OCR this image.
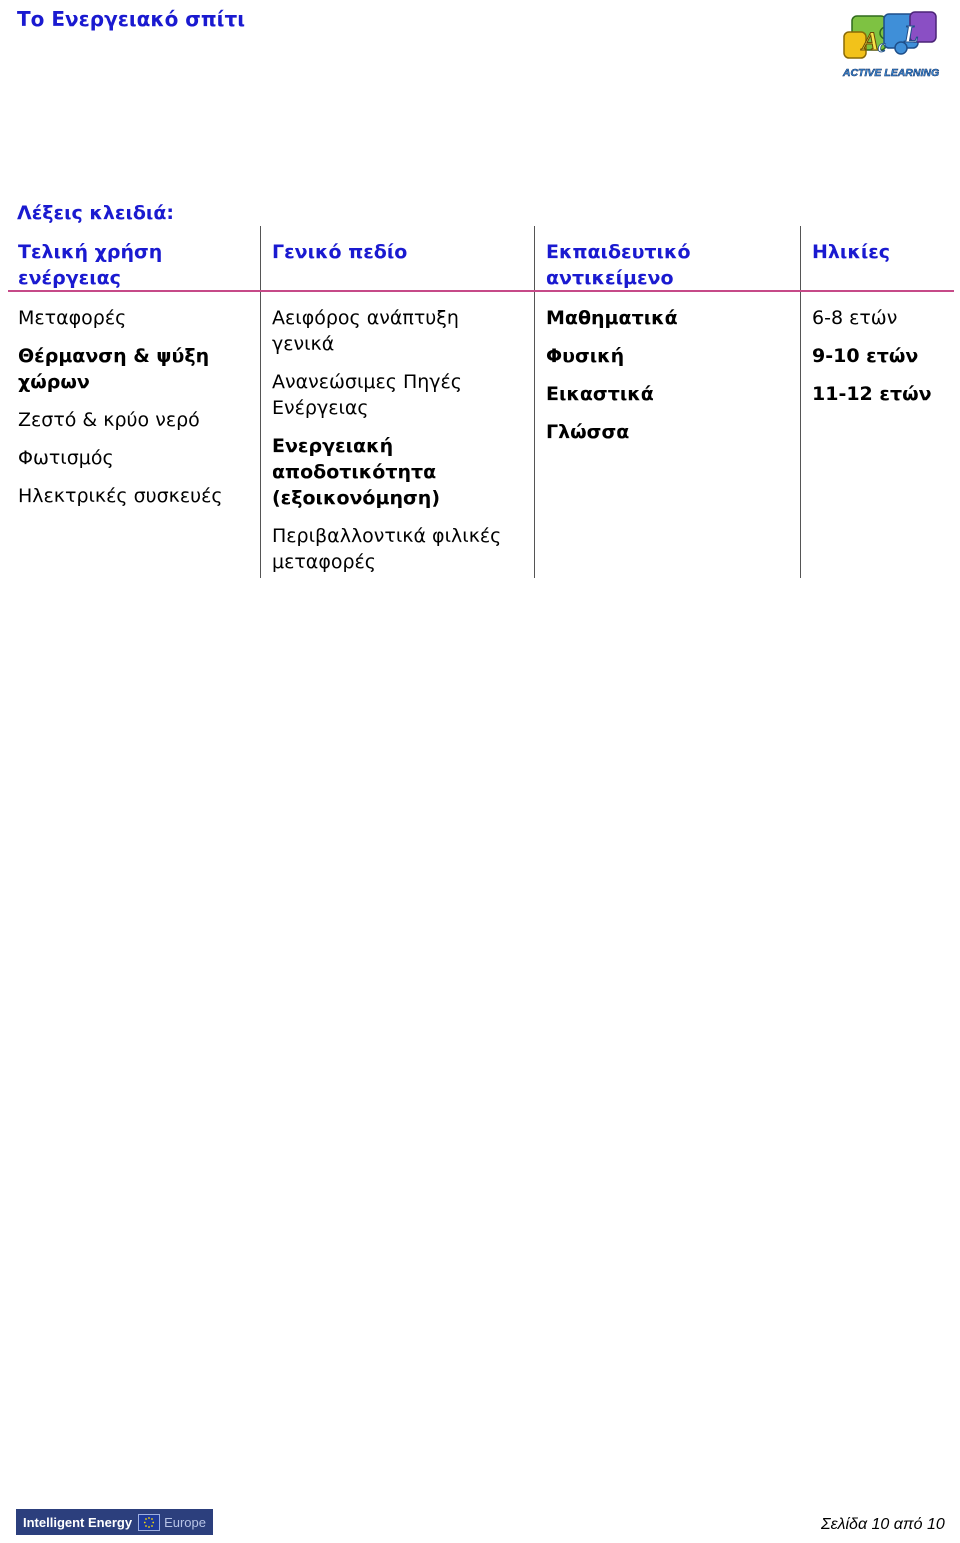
Το Ενεργειακό σπίτι
A
c L
ACTIVE LEARNING
Λέξεις κλειδιά:
Τελική χρήση ενέργειας
Μεταφορές
Θέρμανση & ψύξη χώρων
Ζεστό & κρύο νερό
Φωτισμός
Ηλεκτρικές συσκευές
Γενικό πεδίο
Αειφόρος ανάπτυξη γενικά
Ανανεώσιμες Πηγές Ενέργειας
Ενεργειακή αποδοτικότητα (εξοικονόμηση)
Περιβαλλοντικά φιλικές μεταφορές
Εκπαιδευτικό αντικείμενο
Μαθηματικά
Φυσική
Εικαστικά
Γλώσσα
Ηλικίες
6-8 ετών
9-10 ετών
11-12 ετών
Intelligent Energy	Europe	Σελίδα 10 από 10
